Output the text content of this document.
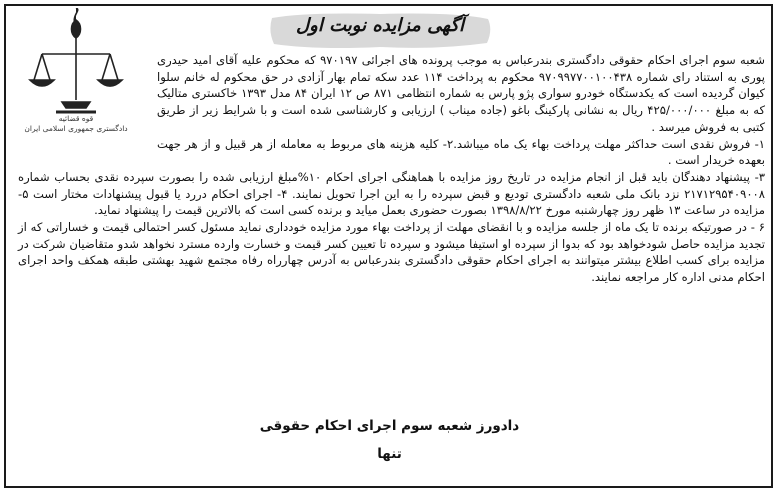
قوه قضائیه
دادگستری جمهوری اسلامی ایران
آگهی مزایده نوبت اول

شعبه سوم اجرای احکام حقوقی دادگستری بندرعباس به موجب پرونده های اجرائی ۹۷۰۱۹۷ که محکوم علیه آقای امید حیدری پوری به استناد رای شماره ۹۷۰۹۹۷۷۰۰۱۰۰۴۳۸ محکوم به پرداخت ۱۱۴ عدد سکه تمام بهار آزادی در حق محکوم له خانم سلوا کیوان گردیده است که یکدستگاه خودرو سواری پژو پارس به شماره انتظامی ۸۷۱ ص ۱۲ ایران ۸۴ مدل ۱۳۹۳ خاکستری متالیک که به مبلغ ۴۲۵/۰۰۰/۰۰۰ ریال به نشانی پارکینگ باغو (جاده میناب ) ارزیابی و کارشناسی شده است و با شرایط زیر از طریق کتبی به فروش میرسد .

۱- فروش نقدی است حداکثر مهلت پرداخت بهاء یک ماه میباشد.۲- کلیه هزینه های مربوط به معامله از هر قبیل و از هر جهت بعهده خریدار است .

۳- پیشنهاد دهندگان باید قبل از انجام مزایده در تاریخ روز مزایده با هماهنگی اجرای احکام ۱۰%مبلغ ارزیابی شده را بصورت سپرده نقدی بحساب شماره ۲۱۷۱۲۹۵۴۰۹۰۰۸ نزد بانک ملی شعبه دادگستری تودیع و قبض سپرده را به این اجرا تحویل نمایند. ۴- اجرای احکام دررد یا قبول پیشنهادات مختار است ۵- مزایده در ساعت ۱۳ ظهر روز چهارشنبه مورخ ۱۳۹۸/۸/۲۲ بصورت حضوری بعمل میاید و برنده کسی است که بالاترین قیمت را پیشنهاد نماید.

۶ - در صورتیکه برنده تا یک ماه از جلسه مزایده و با انقضای مهلت از پرداخت بهاء مورد مزایده خودداری نماید مسئول کسر احتمالی قیمت و خساراتی که از تجدید مزایده حاصل شودخواهد بود که بدوا از سپرده او استیفا میشود و سپرده تا تعیین کسر قیمت و خسارت وارده مسترد نخواهد شدو متقاضیان شرکت در مزایده برای کسب اطلاع بیشتر میتوانند به اجرای احکام حقوقی دادگستری بندرعباس به آدرس چهارراه رفاه مجتمع شهید بهشتی طبقه همکف واحد اجرای احکام مدنی اداره کار مراجعه نمایند.

دادورز شعبه سوم اجرای احکام حقوقی
تنها
